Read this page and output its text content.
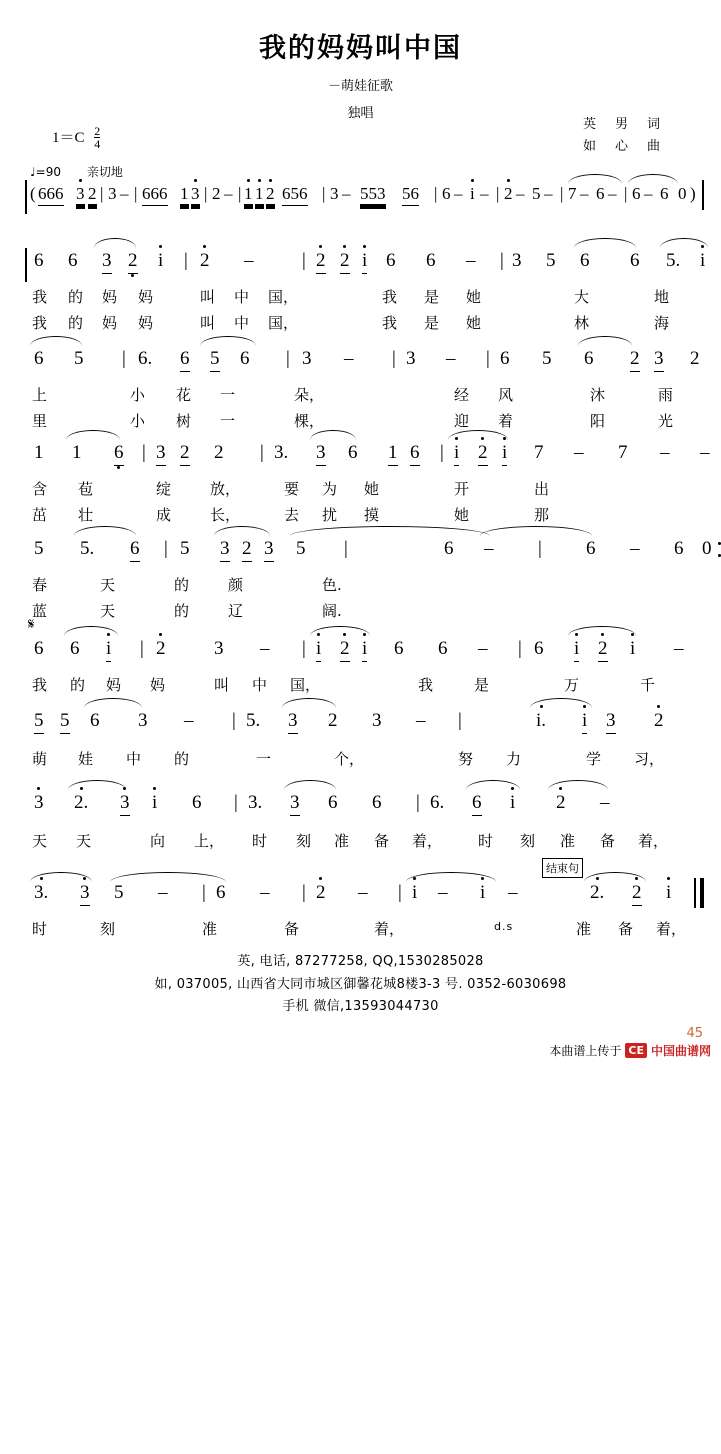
我的妈妈叫中国
－萌娃征歌
独唱
$1=C \frac{2}{4}$
英　男　词
如　心　曲
♩=90 亲切地

(

666

3

2

|

3 –

|

666

1

3

|

2 –

|

1

1

2

656

|

3 –

553

56

|

6 –

i –

|

2 –

5 –

|

7 –

6 –

|

6 –

6

0

)

6

6

3

2

i

|

2

–

	|

2

2

i

6

6

–

|

3

5

6

6

5.

i

我 的

妈 妈

	叫 中 国，

	我 是 她

	大	地

我 的

妈 妈

	叫 中 国，

	我 是 她

	林	海

6

5

|

6.

6

5

6

|

3

–

|

3

–

|

6

5

6

2

3

2

上

	小 花 一

	朵，

	经 风

	沐	雨

里

	小 树 一

	棵，

	迎 着

	阳	光

1

1

6

|

3

2

2

|

3.

3

6

1

6

|

i

2

i

7

–

7

–

–

含 苞

	绽	放，

	要 为 她

	开	出

茁 壮

	成	长，

	去 扰 摸

	她	那

5

5.

6

|

5

3

2

3

5

|

	6

–

|

6

–

6

0

春	天

	的	颜

	色.

蓝	天

	的	辽

	阔.

𝄋

6

6

i

|

2

	3

–

|

i

2

i

6

6

–

|

6

i

2

i

–

我 的

妈 妈

	叫 中 国，

	我	是

	万	千

5

5

6

3

–

|

5.

3

2

3

–

|

	i.

i

3

2

萌 娃

中 的

	一	个，

	努 力

	学 习，

3

2.

3

i

6

|

3.

3

6

6

|

6.

6

i

2

–

天 天

	向 上，

时 刻

准 备 着，

时 刻

准 备 着，

结束句

3.

3

5

–

|

6

–

|

2

–

|

i

–

i

–

	2.

2

i

d.s

时	刻

	准	备	着，

	准 备 着，

英, 电话, 87277258, QQ,1530285028
如, 037005, 山西省大同市城区御馨花城8楼3-3 号. 0352-6030698
手机 微信,13593044730
45
本曲谱上传于 CE 中国曲谱网
